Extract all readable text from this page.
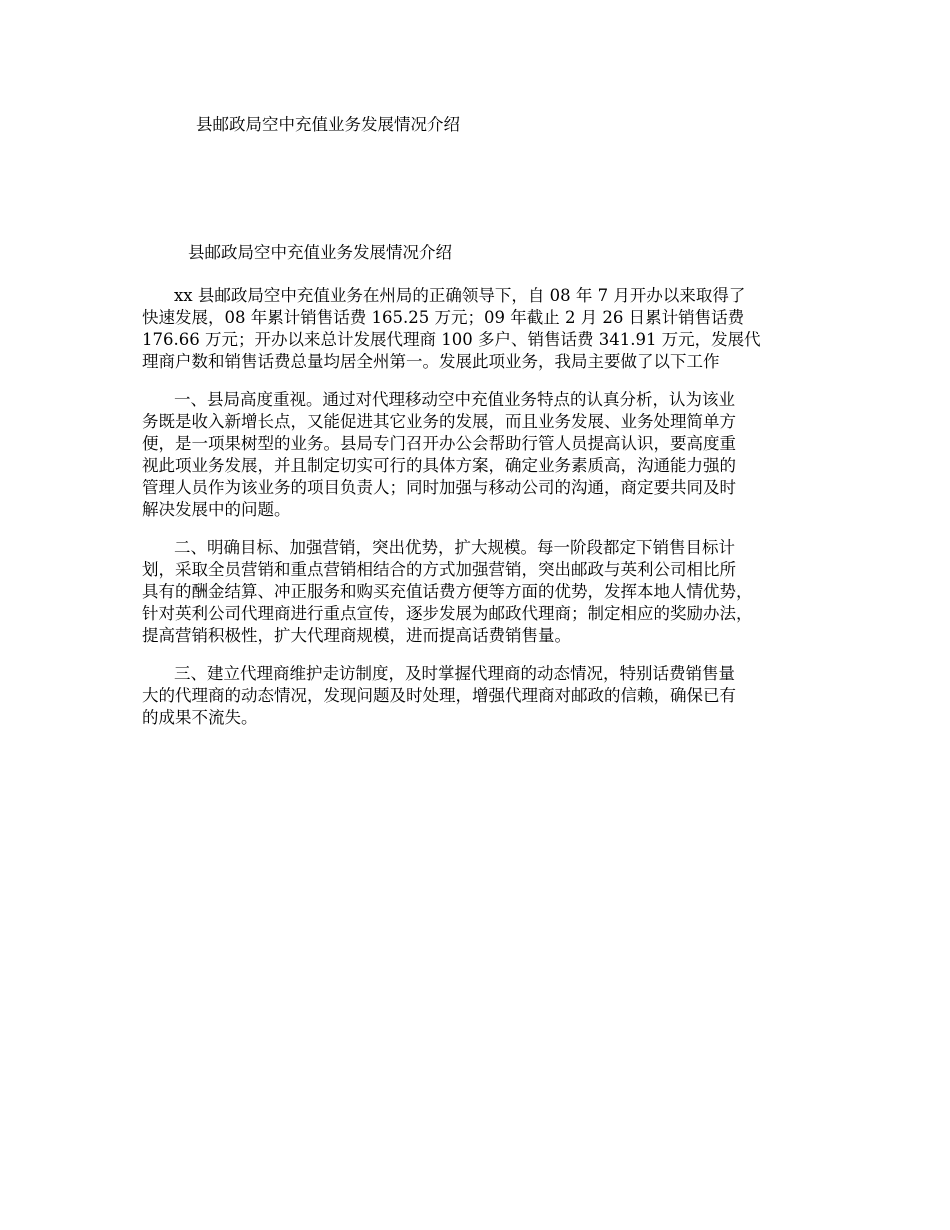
县邮政局空中充值业务发展情况介绍
县邮政局空中充值业务发展情况介绍

xx 县邮政局空中充值业务在州局的正确领导下，自 08 年 7 月开办以来取得了
快速发展，08 年累计销售话费 165.25 万元；09 年截止 2 月 26 日累计销售话费
176.66 万元；开办以来总计发展代理商 100 多户、销售话费 341.91 万元，发展代
理商户数和销售话费总量均居全州第一。发展此项业务，我局主要做了以下工作

一、县局高度重视。通过对代理移动空中充值业务特点的认真分析，认为该业
务既是收入新增长点，又能促进其它业务的发展，而且业务发展、业务处理简单方
便，是一项果树型的业务。县局专门召开办公会帮助行管人员提高认识，要高度重
视此项业务发展，并且制定切实可行的具体方案，确定业务素质高，沟通能力强的
管理人员作为该业务的项目负责人；同时加强与移动公司的沟通，商定要共同及时
解决发展中的问题。

二、明确目标、加强营销，突出优势，扩大规模。每一阶段都定下销售目标计
划，采取全员营销和重点营销相结合的方式加强营销，突出邮政与英利公司相比所
具有的酬金结算、冲正服务和购买充值话费方便等方面的优势，发挥本地人情优势，
针对英利公司代理商进行重点宣传，逐步发展为邮政代理商；制定相应的奖励办法，
提高营销积极性，扩大代理商规模，进而提高话费销售量。

三、建立代理商维护走访制度，及时掌握代理商的动态情况，特别话费销售量
大的代理商的动态情况，发现问题及时处理，增强代理商对邮政的信赖，确保已有
的成果不流失。
